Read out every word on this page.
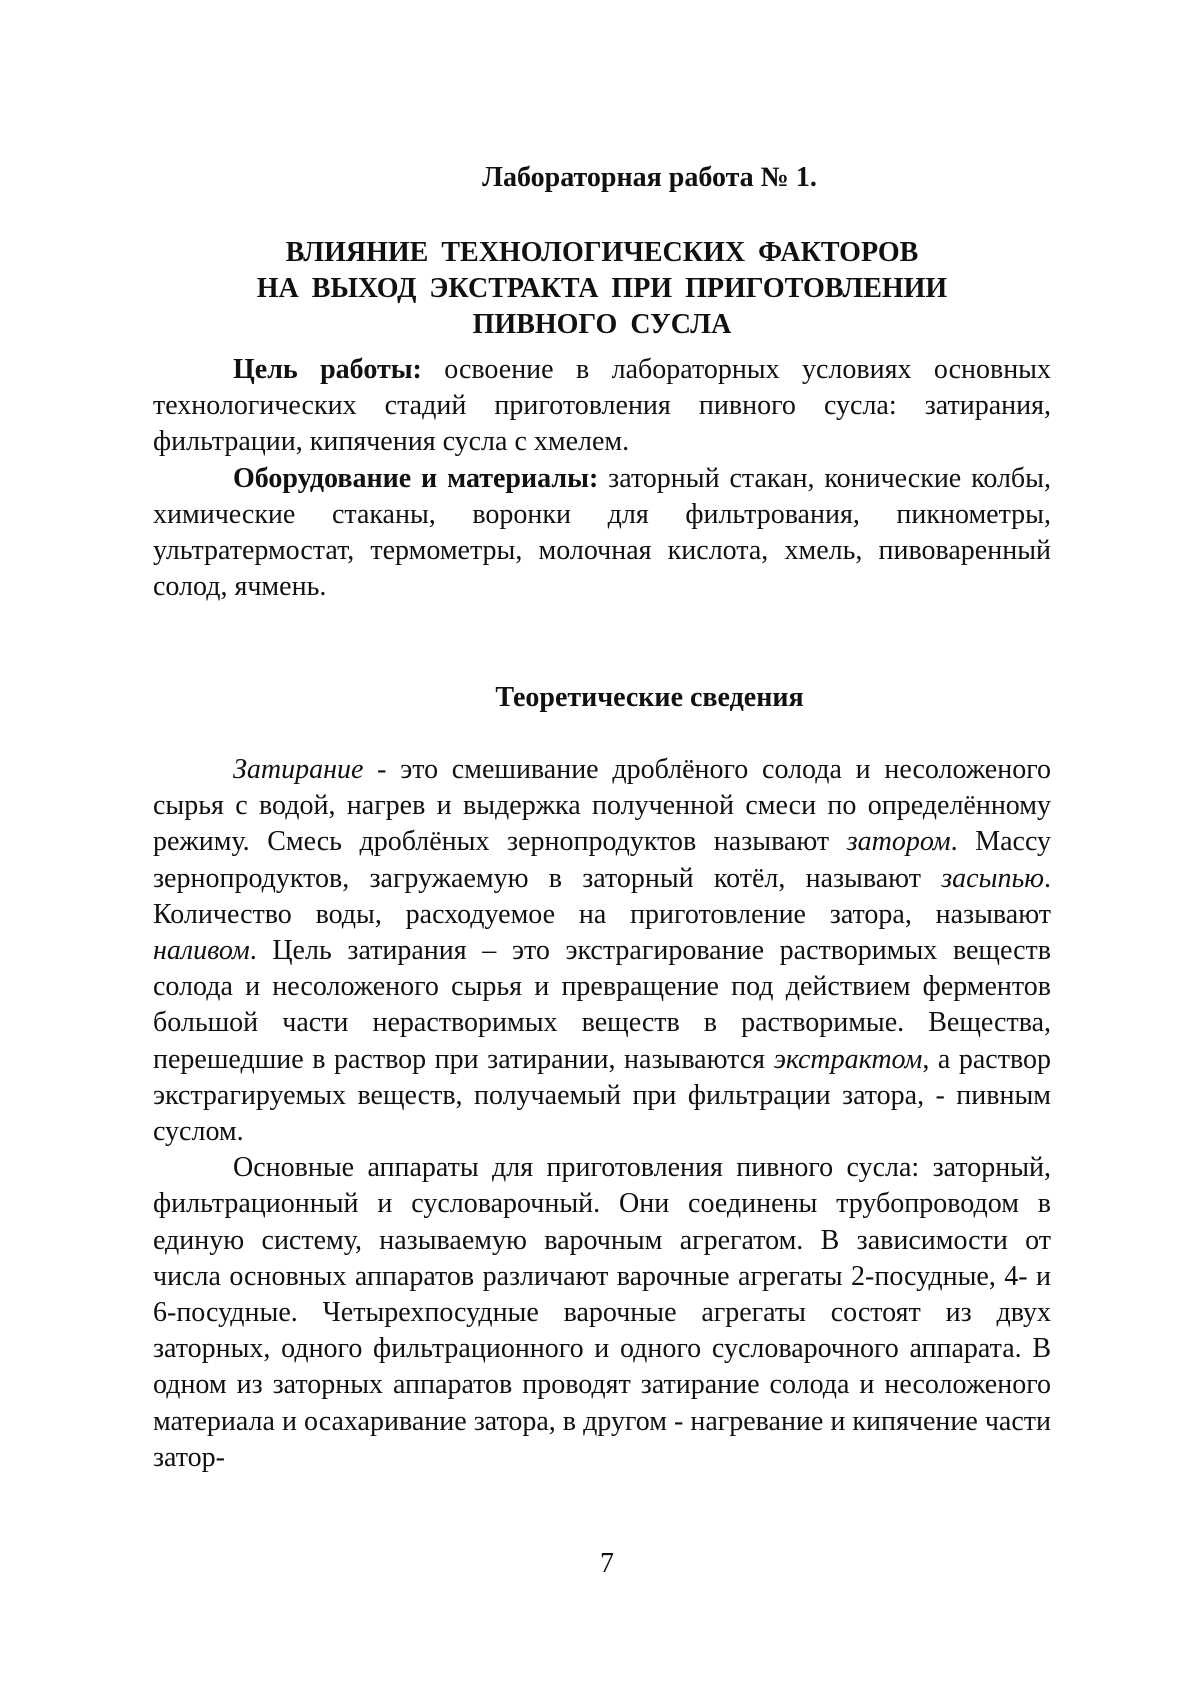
Лабораторная работа № 1.
ВЛИЯНИЕ ТЕХНОЛОГИЧЕСКИХ ФАКТОРОВ
НА ВЫХОД ЭКСТРАКТА ПРИ ПРИГОТОВЛЕНИИ
ПИВНОГО СУСЛА

Цель работы: освоение в лабораторных условиях основных технологических стадий приготовления пивного сусла: затирания, фильтрации, кипячения сусла с хмелем.

Оборудование и материалы: заторный стакан, конические колбы, химические стаканы, воронки для фильтрования, пикнометры, ультратермостат, термометры, молочная кислота, хмель, пивоваренный солод, ячмень.

Теоретические сведения

Затирание - это смешивание дроблёного солода и несоложеного сырья с водой, нагрев и выдержка полученной смеси по определённому режиму. Смесь дроблёных зернопродуктов называют затором. Массу зернопродуктов, загружаемую в заторный котёл, называют засыпью. Количество воды, расходуемое на приготовление затора, называют наливом. Цель затирания – это экстрагирование растворимых веществ солода и несоложеного сырья и превращение под действием ферментов большой части нерастворимых веществ в растворимые. Вещества, перешедшие в раствор при затирании, называются экстрактом, а раствор экстрагируемых веществ, получаемый при фильтрации затора, - пивным суслом.

Основные аппараты для приготовления пивного сусла: заторный, фильтрационный и сусловарочный. Они соединены трубопроводом в единую систему, называемую варочным агрегатом. В зависимости от числа основных аппаратов различают варочные агрегаты 2-посудные, 4- и 6-посудные. Четырехпосудные варочные агрегаты состоят из двух заторных, одного фильтрационного и одного сусловарочного аппарата. В одном из заторных аппаратов проводят затирание солода и несоложеного материала и осахаривание затора, в другом - нагревание и кипячение части затор-

7
